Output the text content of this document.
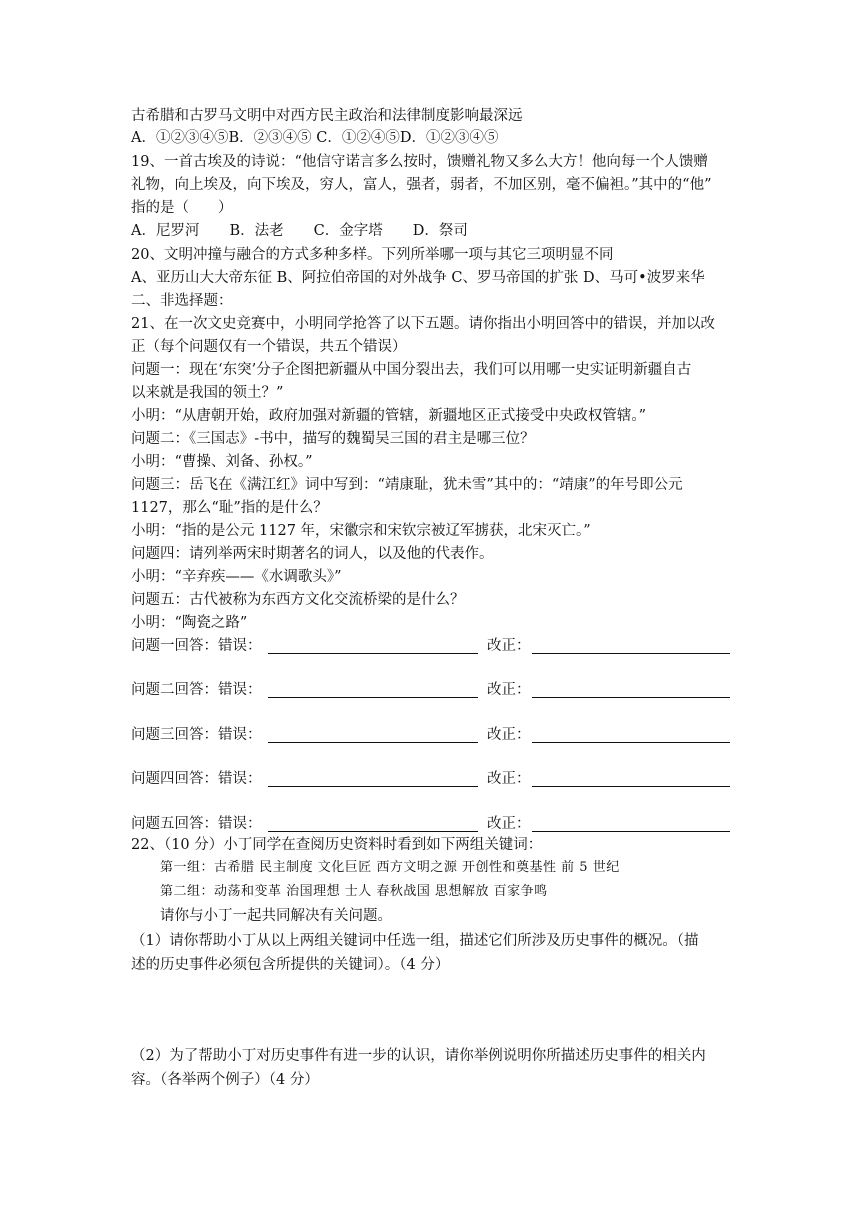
古希腊和古罗马文明中对西方民主政治和法律制度影响最深远
A．①②③④⑤B．②③④⑤ C．①②④⑤D．①②③④⑤
19、一首古埃及的诗说：“他信守诺言多么按时，馈赠礼物又多么大方！他向每一个人馈赠
礼物，向上埃及，向下埃及，穷人，富人，强者，弱者，不加区别，毫不偏袒。”其中的“他”
指的是（　　）
A．尼罗河 B．法老 C．金字塔 D．祭司
20、文明冲撞与融合的方式多种多样。下列所举哪一项与其它三项明显不同
A、亚历山大大帝东征 B、阿拉伯帝国的对外战争 C、罗马帝国的扩张 D、马可•波罗来华
二、非选择题：
21、在一次文史竞赛中，小明同学抢答了以下五题。请你指出小明回答中的错误，并加以改
正（每个问题仅有一个错误，共五个错误）
问题一：现在‘东突’分子企图把新疆从中国分裂出去，我们可以用哪一史实证明新疆自古
以来就是我国的领土？”
小明：“从唐朝开始，政府加强对新疆的管辖，新疆地区正式接受中央政权管辖。”
问题二：《三国志》-书中，描写的魏蜀吴三国的君主是哪三位？
小明：“曹操、刘备、孙权。”
问题三：岳飞在《满江红》词中写到：“靖康耻，犹未雪”其中的：“靖康”的年号即公元
1127，那么“耻”指的是什么？
小明：“指的是公元 1127 年，宋徽宗和宋钦宗被辽军掳获，北宋灭亡。”
问题四：请列举两宋时期著名的词人，以及他的代表作。
小明：“辛弃疾——《水调歌头》”
问题五：古代被称为东西方文化交流桥梁的是什么？
小明：“陶瓷之路”
问题一回答：错误：	改正：
问题二回答：错误：	改正：
问题三回答：错误：	改正：
问题四回答：错误：	改正：
问题五回答：错误：	改正：
22、（10 分）小丁同学在查阅历史资料时看到如下两组关键词：
第一组：古希腊 民主制度 文化巨匠 西方文明之源 开创性和奠基性 前 5 世纪
第二组：动荡和变革 治国理想 士人 春秋战国 思想解放 百家争鸣
请你与小丁一起共同解决有关问题。
（1）请你帮助小丁从以上两组关键词中任选一组，描述它们所涉及历史事件的概况。（描
述的历史事件必须包含所提供的关键词）。（4 分）
（2）为了帮助小丁对历史事件有进一步的认识，请你举例说明你所描述历史事件的相关内
容。（各举两个例子）（4 分）
